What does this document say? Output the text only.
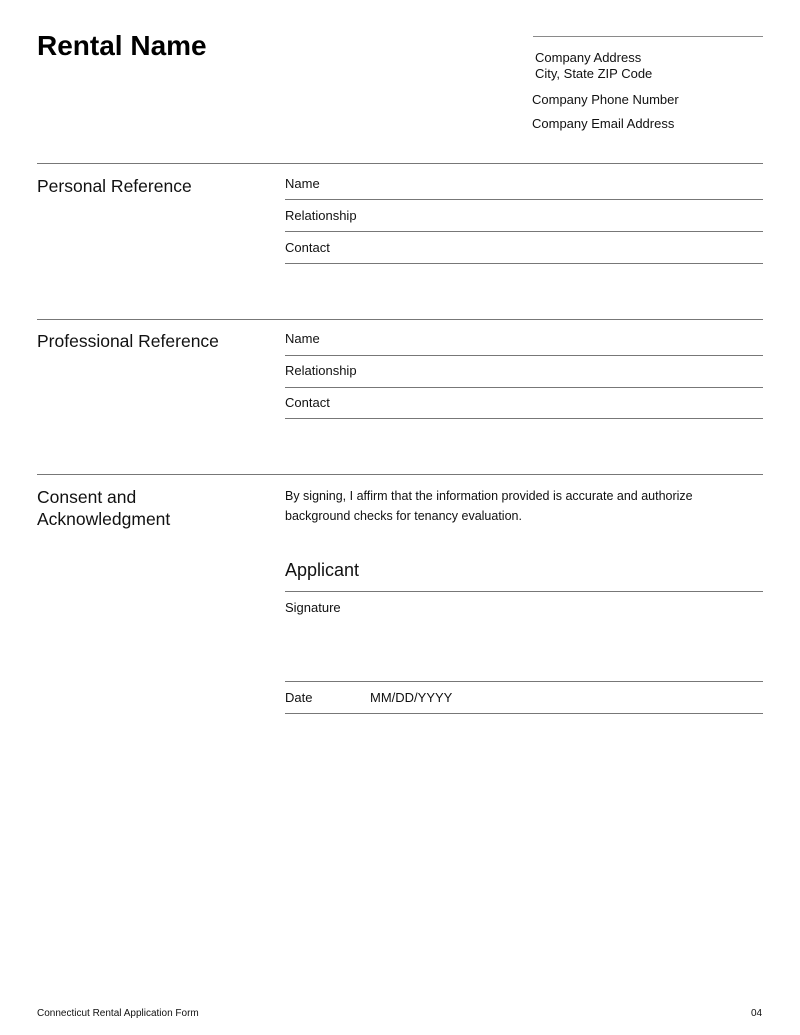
Rental Name	Company Address
City, State ZIP Code
Company Phone Number
Company Email Address
Personal Reference	Name
Relationship
Contact
Professional Reference	Name
Relationship
Contact
Consent and
Acknowledgment
By signing, I affirm that the information provided is accurate and authorize
background checks for tenancy evaluation.
Applicant
Signature
Date	MM/DD/YYYY
Connecticut Rental Application Form	04
